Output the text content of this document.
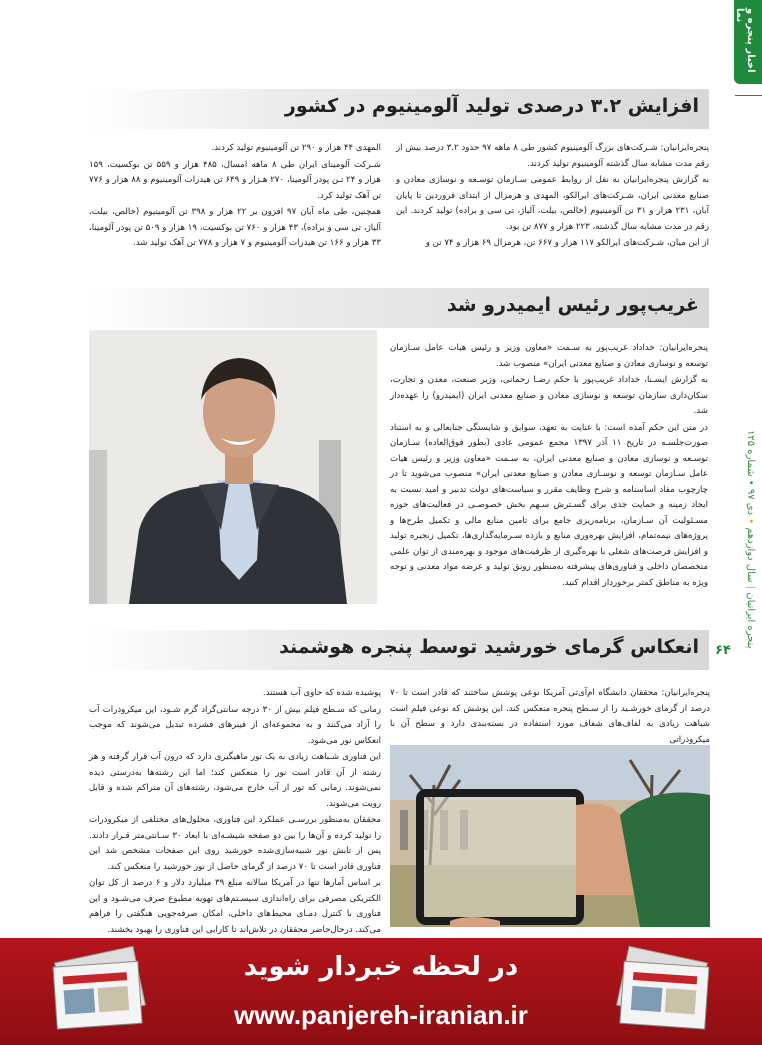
اخبار پنجره و نما
پنجره ایرانیان | سال دوازدهم • دی ۹۷ • شماره ۱۲۵
افزایش ۳.۲ درصدی تولید آلومینیوم در کشور

پنجره‌ایرانیان: شـرکت‌های بزرگ آلومینیوم کشور طی ۸ ماهه ۹۷ حدود ۳.۲ درصد بیش از رقم مدت مشابه سال گذشته آلومینیوم تولید کردند.

به گزارش پنجره‌ایرانیان به نقل از روابط عمومی سـازمان توسـعه و نوسازی معادن و صنایع معدنی ایران، شـرکت‌های ایرالکو، المهدی و هرمزال از ابتدای فروردین تا پایان آبان، ۲۳۱ هزار و ۳۱ تن آلومینیوم (خالص، بیلت، آلیاژ، تی سی و براده) تولید کردند. این رقم در مدت مشابه سال گذشته، ۲۲۳ هزار و ۸۷۷ تن بود.

از این میان، شـرکت‌های ایرالکو ۱۱۷ هزار و ۶۶۷ تن، هرمزال ۶۹ هزار و ۷۴ تن و

المهدی ۴۴ هزار و ۲۹۰ تن آلومینیوم تولید کردند.

شـرکت آلومینای ایران طی ۸ ماهه امسال، ۴۸۵ هزار و ۵۵۹ تن بوکسیت، ۱۵۹ هزار و ۲۴ تـن پودر آلومینا، ۲۷۰ هـزار و ۶۴۹ تن هیدرات آلومینیوم و ۸۸ هزار و ۷۷۶ تن آهک تولید کرد.

همچنین، طی ماه آبان ۹۷ افزون بر ۲۲ هزار و ۳۹۸ تن آلومینیوم (خالص، بیلت، آلیاژ، تی سی و براده)، ۴۳ هزار و ۷۶۰ تن بوکسیت، ۱۹ هزار و ۵۰۹ تن پودر آلومینا، ۳۳ هزار و ۱۶۶ تن هیدرات آلومینیوم و ۷ هزار و ۷۷۸ تن آهک تولید شد.

غریب‌پور رئیس ایمیدرو شد

پنجره‌ایرانیان: خداداد غریب‌پور به سـمت «معاون وزیر و رئیس هیات عامل سـازمان توسعه و نوسازی معادن و صنایع معدنی ایران» منصوب شد.

به گزارش ایسـنا، خداداد غریب‌پور با حکم رضـا رحمانی، وزیر صنعت، معدن و تجارت، سکان‌داری سازمان توسعه و نوسازی معادن و صنایع معدنی ایران (ایمیدرو) را عهده‌دار شد.

در متن این حکم آمده است: با عنایت به تعهد، سوابق و شایستگی جنابعالی و به استناد صورت‌جلسـه در تاریخ ۱۱ آذر ۱۳۹۷ مجمع عمومی عادی (بطور فوق‌العاده) سـازمان توسـعه و نوسازی معادن و صنایع معدنی ایران، به سـمت «معاون وزیر و رئیس هیات عامل سـازمان توسعه و نوسـازی معادن و صنایع معدنی ایران» منصوب می‌شوید تا در چارچوب مفاد اساسنامه و شرح وظایف مقرر و سیاست‌های دولت تدبیر و امید نسبت به ایجاد زمینه و حمایت جدی برای گسـترش سـهم بخش خصوصـی در فعالیت‌های حوزه مسـئولیت آن سـازمان، برنامه‌ریزی جامع برای تامین منابع مالی و تکمیل طرح‌ها و پروژه‌های نیمه‌تمام، افزایش بهره‌وری منابع و بازده سـرمایه‌گذاری‌ها، تکمیل زنجیره تولید و افزایش فرصت‌های شغلی با بهره‌گیری از ظرفیت‌های موجود و بهره‌مندی از توان علمی متخصصان داخلی و فناوری‌های پیشرفته به‌منظور رونق تولید و عرضه مواد معدنی و توجه ویژه به مناطق کمتر برخوردار اقدام کنید.

انعکاس گرمای خورشید توسط پنجره هوشمند ۶۴

پنجره‌ایرانیان: محققان دانشگاه ام‌آی‌تی آمریکا نوعی پوشش ساختند که قادر است تا ۷۰ درصد از گرمای خورشـید را از سـطح پنجره منعکس کند. این پوشش که نوعی فیلم است شباهت زیادی به لفاف‌های شفاف مورد استفاده در بسته‌بندی دارد و سطح آن با میکروذراتی

پوشیده شده که حاوی آب هستند.

زمانی که سـطح فیلم بیش از ۳۰ درجه سانتی‌گراد گرم شـود، این میکروذرات آب را آزاد می‌کنند و به مجموعه‌ای از فیبرهای فشرده تبدیل می‌شوند که موجب انعکاس نور می‌شود.

این فناوری شـباهت زیادی به یک تور ماهیگیری دارد که درون آب قرار گرفته و هر رشته از آن قادر است نور را منعکس کند؛ اما این رشته‌ها به‌درستی دیده نمی‌شوند. زمانی که تور از آب خارج می‌شود، رشته‌های آن متراکم شده و قابل رویت می‌شوند.

محققان به‌منظور بررسـی عملکرد این فناوری، محلول‌های مختلفی از میکروذرات را تولید کرده و آن‌ها را بین دو صفحه شیشـه‌ای با ابعاد ۳۰ سـانتی‌متر قـرار دادند. پس از تابش نور شبیه‌سازی‌شده خورشید روی این صفحات مشخص شد این فناوری قادر است تا ۷۰ درصد از گرمای حاصل از نور خورشید را منعکس کند.

بر اساس آمارها تنها در آمریکا سالانه مبلغ ۳۹ میلیارد دلار و ۶ درصد از کل توان الکتریکی مصرفی برای راه‌اندازی سیسـتم‌های تهویه مطبوع صرف می‌شـود و این فناوری با کنترل دمـای محیط‌های داخلی، امکان صرفه‌جویی هنگفتی را فراهم می‌کند. درحال‌حاضر محققان در تلاش‌اند تا کارایی این فناوری را بهبود بخشند.

در لحظه خبردار شوید
www.panjereh-iranian.ir
